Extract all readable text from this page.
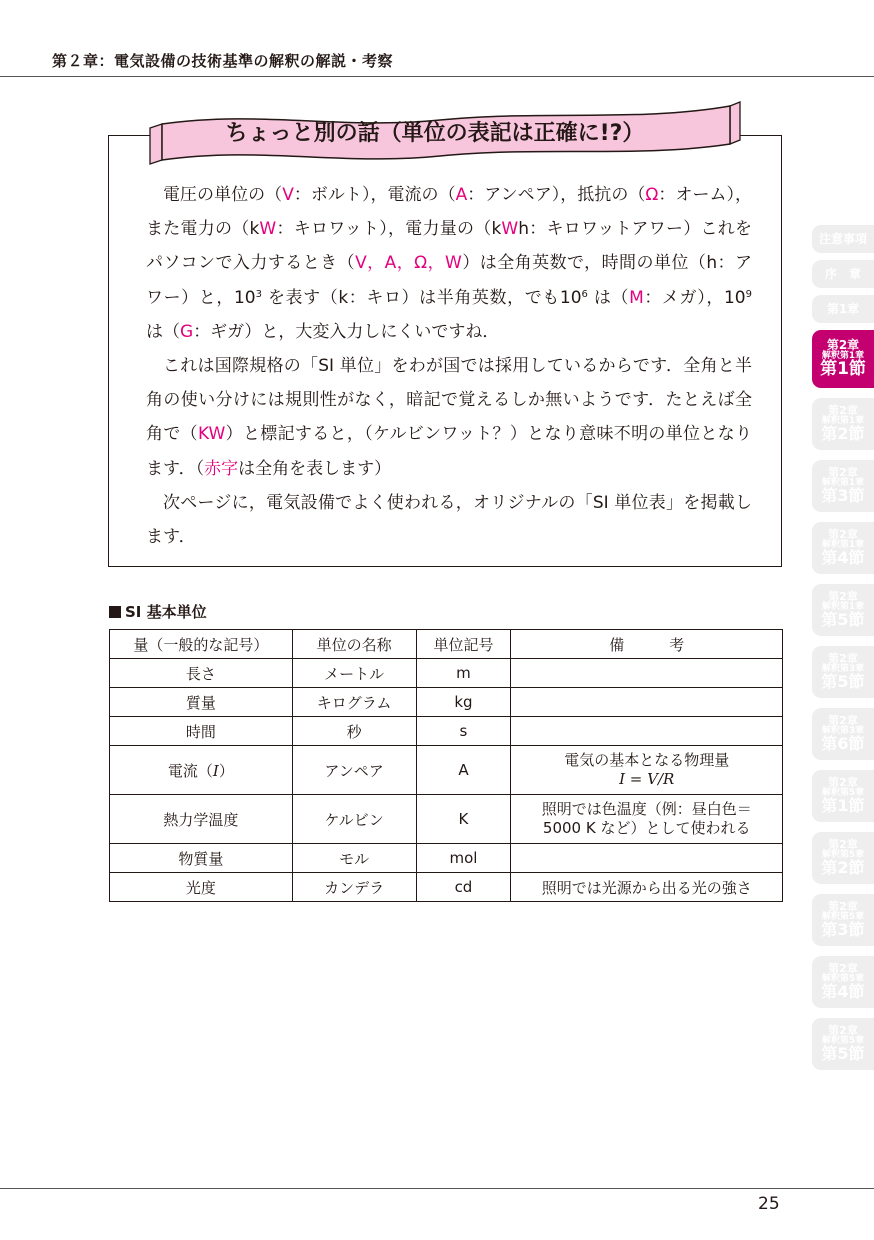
第２章：電気設備の技術基準の解釈の解説・考察
ちょっと別の話（単位の表記は正確に!?）

電圧の単位の（V：ボルト），電流の（A：アンペア），抵抗の（Ω：オーム），また電力の（kW：キロワット），電力量の（kWh：キロワットアワー）これをパソコンで入力するとき（V，A，Ω，W）は全角英数で，時間の単位（h：アワー）と，$10^3$ を表す（k：キロ）は半角英数，でも$10^6$ は（M：メガ），$10^9$ は（G：ギガ）と，大変入力しにくいですね．

これは国際規格の「SI 単位」をわが国では採用しているからです．全角と半角の使い分けには規則性がなく，暗記で覚えるしか無いようです．たとえば全角で（KW）と標記すると，（ケルビンワット？）となり意味不明の単位となります．（赤字は全角を表します）

次ページに，電気設備でよく使われる，オリジナルの「SI 単位表」を掲載します．

SI 基本単位
量（一般的な記号）	単位の名称	単位記号	備　　　考
長さ	メートル	m	
質量	キログラム	kg	
時間	秒	s	
電流（I）	アンペア	A	電気の基本となる物理量
I = V/R

熱力学温度	ケルビン	K	照明では色温度（例：昼白色＝
5000 K など）として使われる

物質量	モル	mol	
光度	カンデラ	cd	照明では光源から出る光の強さ
注意事項
序　章
第1章
第2章
解釈第1章
第1節
第2章
解釈第1章
第2節
第2章
解釈第1章
第3節
第2章
解釈第1章
第4節
第2章
解釈第1章
第5節
第2章
解釈第3章
第5節
第2章
解釈第3章
第6節
第2章
解釈第5章
第1節
第2章
解釈第5章
第2節
第2章
解釈第5章
第3節
第2章
解釈第5章
第4節
第2章
解釈第5章
第5節
25
